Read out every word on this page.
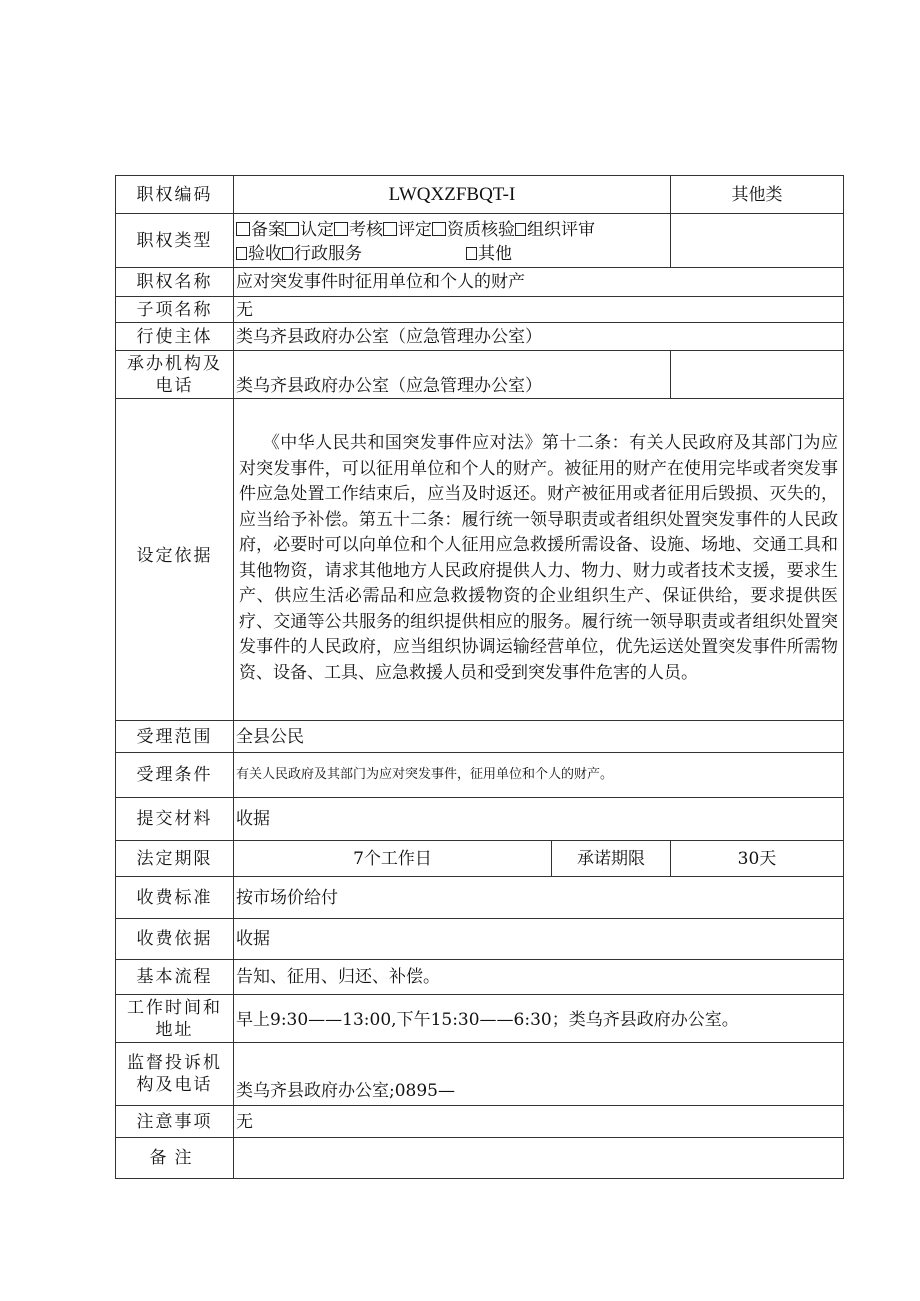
职权编码	LWQXZFBQT-I		其他类
职权类型	备案 认定 考核 评定 资质核验 组织评审
验收 行政服务 其他		

职权名称	应对突发事件时征用单位和个人的财产		
子项名称	无		
行使主体	类乌齐县政府办公室（应急管理办公室）		
承办机构及电话	类乌齐县政府办公室（应急管理办公室）		
设定依据	《中华人民共和国突发事件应对法》第十二条：有关人民政府及其部门为应对突发事件，可以征用单位和个人的财产。被征用的财产在使用完毕或者突发事件应急处置工作结束后，应当及时返还。财产被征用或者征用后毁损、灭失的，应当给予补偿。第五十二条：履行统一领导职责或者组织处置突发事件的人民政府，必要时可以向单位和个人征用应急救援所需设备、设施、场地、交通工具和其他物资，请求其他地方人民政府提供人力、物力、财力或者技术支援，要求生产、供应生活必需品和应急救援物资的企业组织生产、保证供给，要求提供医疗、交通等公共服务的组织提供相应的服务。履行统一领导职责或者组织处置突发事件的人民政府，应当组织协调运输经营单位，优先运送处置突发事件所需物资、设备、工具、应急救援人员和受到突发事件危害的人员。		

受理范围	全县公民		
受理条件	有关人民政府及其部门为应对突发事件，征用单位和个人的财产。		
提交材料	收据		
法定期限	7个工作日	承诺期限	30天
收费标准	按市场价给付		
收费依据	收据		
基本流程	告知、征用、归还、补偿。		
工作时间和地址	早上9:30——13:00,下午15:30——6:30；类乌齐县政府办公室。		
监督投诉机构及电话	类乌齐县政府办公室;0895—		
注意事项	无		
备注			
